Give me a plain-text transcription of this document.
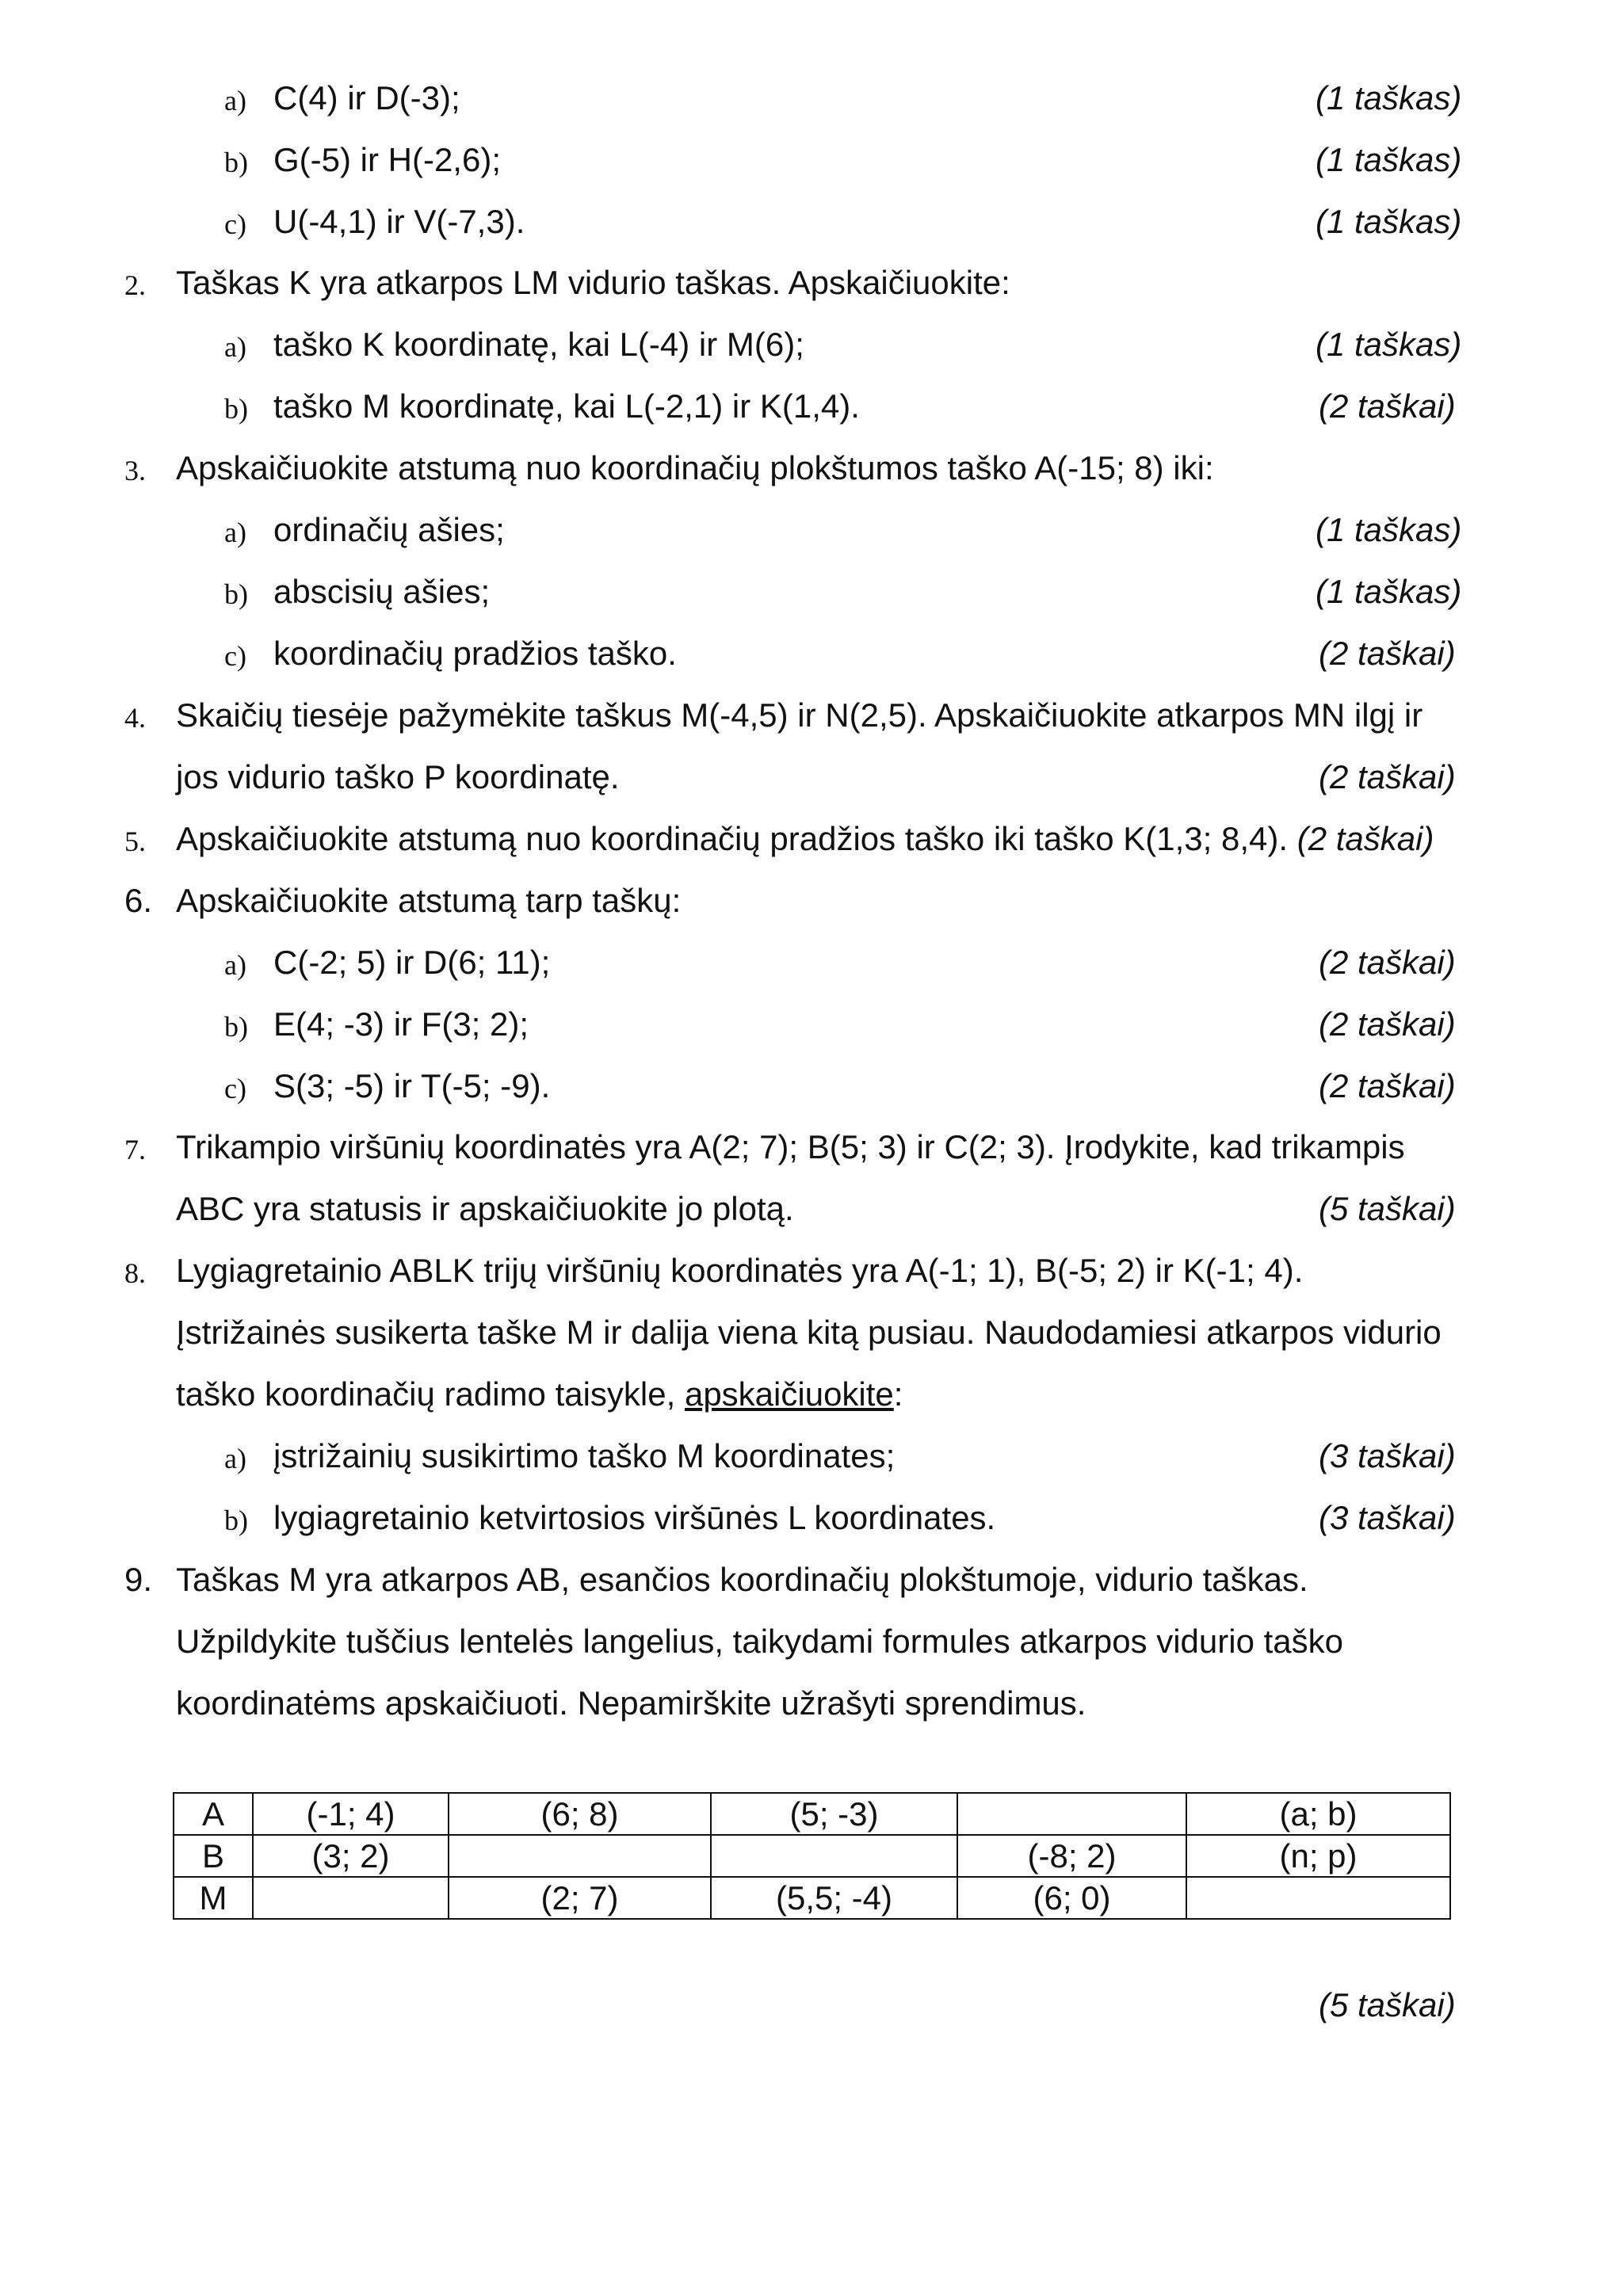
a) C(4) ir D(-3);	(1 taškas)
b) G(-5) ir H(-2,6);	(1 taškas)
c) U(-4,1) ir V(-7,3).	(1 taškas)
2. Taškas K yra atkarpos LM vidurio taškas. Apskaičiuokite:
a) taško K koordinatę, kai L(-4) ir M(6);	(1 taškas)
b) taško M koordinatę, kai L(-2,1) ir K(1,4).	(2 taškai)
3. Apskaičiuokite atstumą nuo koordinačių plokštumos taško A(-15; 8) iki:
a) ordinačių ašies;	(1 taškas)
b) abscisių ašies;	(1 taškas)
c) koordinačių pradžios taško.	(2 taškai)
4. Skaičių tiesėje pažymėkite taškus M(-4,5) ir N(2,5). Apskaičiuokite atkarpos MN ilgį ir
jos vidurio taško P koordinatę.	(2 taškai)
5. Apskaičiuokite atstumą nuo koordinačių pradžios taško iki taško K(1,3; 8,4). (2 taškai)
6. Apskaičiuokite atstumą tarp taškų:
a) C(-2; 5) ir D(6; 11);	(2 taškai)
b) E(4; -3) ir F(3; 2);	(2 taškai)
c) S(3; -5) ir T(-5; -9).	(2 taškai)
7. Trikampio viršūnių koordinatės yra A(2; 7); B(5; 3) ir C(2; 3). Įrodykite, kad trikampis
ABC yra statusis ir apskaičiuokite jo plotą.	(5 taškai)
8. Lygiagretainio ABLK trijų viršūnių koordinatės yra A(-1; 1), B(-5; 2) ir K(-1; 4).
Įstrižainės susikerta taške M ir dalija viena kitą pusiau. Naudodamiesi atkarpos vidurio
taško koordinačių radimo taisykle, apskaičiuokite:
a) įstrižainių susikirtimo taško M koordinates;	(3 taškai)
b) lygiagretainio ketvirtosios viršūnės L koordinates.	(3 taškai)
9. Taškas M yra atkarpos AB, esančios koordinačių plokštumoje, vidurio taškas.
Užpildykite tuščius lentelės langelius, taikydami formules atkarpos vidurio taško
koordinatėms apskaičiuoti. Nepamirškite užrašyti sprendimus.
A	(-1; 4)	(6; 8)	(5; -3)		(a; b)
B	(3; 2)			(-8; 2)	(n; p)
M		(2; 7)	(5,5; -4)	(6; 0)	
(5 taškai)
